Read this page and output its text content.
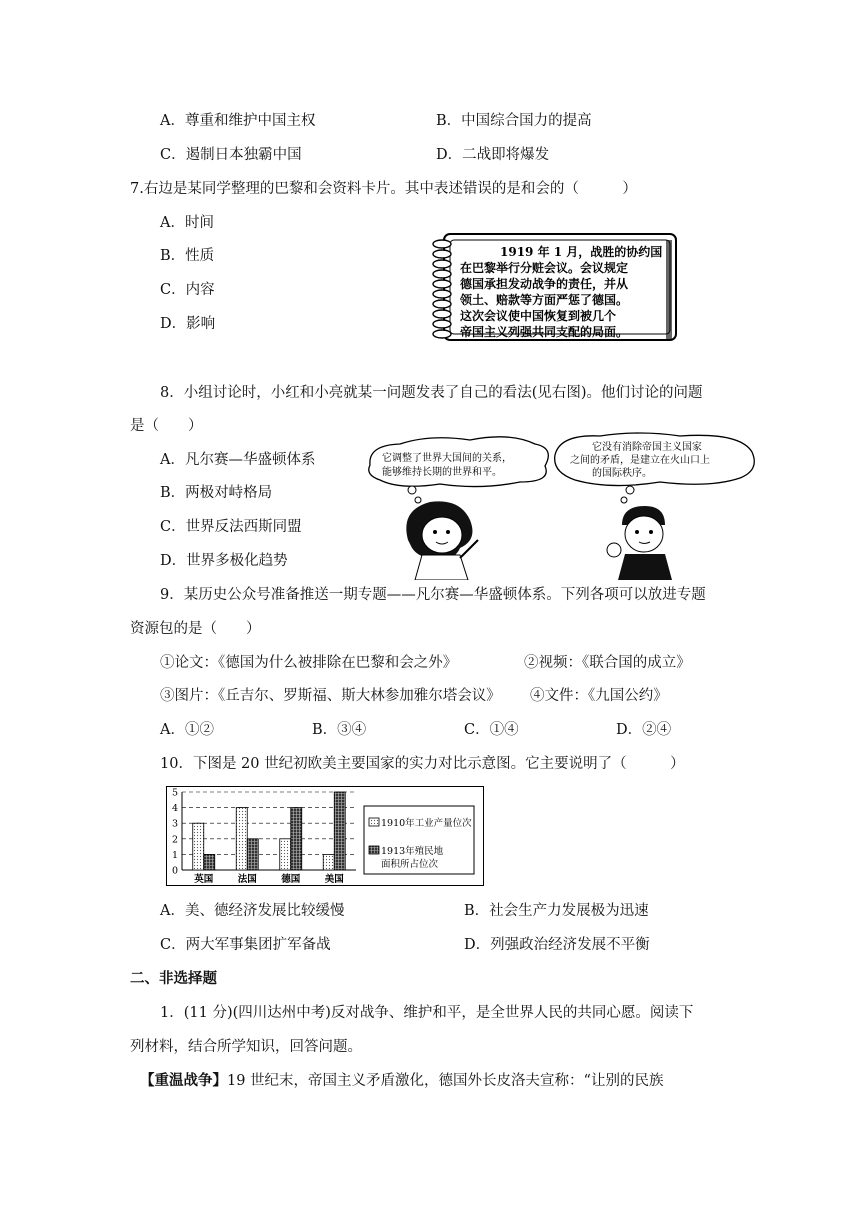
A．尊重和维护中国主权	B．中国综合国力的提高
C．遏制日本独霸中国	D．二战即将爆发
7.右边是某同学整理的巴黎和会资料卡片。其中表述错误的是和会的（　　　）
A．时间
B．性质
C．内容
D．影响
1919 年 1 月，战胜的协约国
在巴黎举行分赃会议。会议规定
德国承担发动战争的责任，并从
领土、赔款等方面严惩了德国。
这次会议使中国恢复到被几个
帝国主义列强共同支配的局面。
8．小组讨论时，小红和小亮就某一问题发表了自己的看法(见右图)。他们讨论的问题
是（　　）
A．凡尔赛—华盛顿体系
B．两极对峙格局
C．世界反法西斯同盟
D．世界多极化趋势
它调整了世界大国间的关系，
能够维持长期的世界和平。
它没有消除帝国主义国家
之间的矛盾，是建立在火山口上
的国际秩序。
9．某历史公众号准备推送一期专题——凡尔赛—华盛顿体系。下列各项可以放进专题
资源包的是（　　）
①论文：《德国为什么被排除在巴黎和会之外》	②视频：《联合国的成立》
③图片：《丘吉尔、罗斯福、斯大林参加雅尔塔会议》 ④文件：《九国公约》
A．①②	B．③④	C．①④	D．②④
10．下图是 20 世纪初欧美主要国家的实力对比示意图。它主要说明了（　　　）
0
1
2
3
4
5
英国	法国	德国	美国
1910年工业产量位次
1913年殖民地
面积所占位次
A．美、德经济发展比较缓慢	B．社会生产力发展极为迅速
C．两大军事集团扩军备战	D．列强政治经济发展不平衡
二、非选择题
1．(11 分)(四川达州中考)反对战争、维护和平，是全世界人民的共同心愿。阅读下
列材料，结合所学知识，回答问题。
【重温战争】19 世纪末，帝国主义矛盾激化，德国外长皮洛夫宣称：“让别的民族
